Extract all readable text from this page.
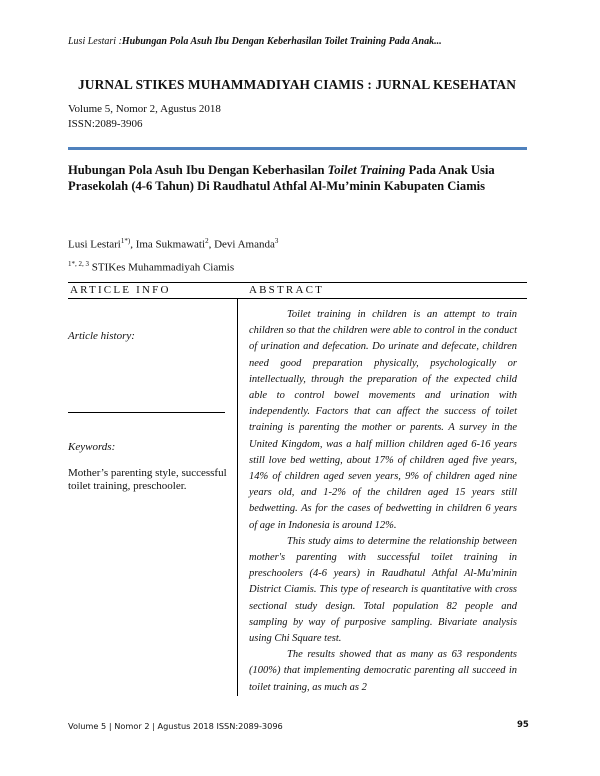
Lusi Lestari :Hubungan Pola Asuh Ibu Dengan Keberhasilan Toilet Training Pada Anak...
JURNAL STIKES MUHAMMADIYAH CIAMIS : JURNAL KESEHATAN
Volume 5, Nomor 2, Agustus 2018
ISSN:2089-3906
Hubungan Pola Asuh Ibu Dengan Keberhasilan Toilet Training Pada Anak Usia Prasekolah (4-6 Tahun) Di Raudhatul Athfal Al-Mu’minin Kabupaten Ciamis
Lusi Lestari$^{1*)}$, Ima Sukmawati$^2$, Devi Amanda$^3$
$^{1*, 2, 3}$ STIKes Muhammadiyah Ciamis
ARTICLE INFO	ABSTRACT
Article history:
Keywords:
Mother’s parenting style, successful toilet training, preschooler.

Toilet training in children is an attempt to train children so that the children were able to control in the conduct of urination and defecation. Do urinate and defecate, children need good preparation physically, psychologically or intellectually, through the preparation of the expected child able to control bowel movements and urination with independently. Factors that can affect the success of toilet training is parenting the mother or parents. A survey in the United Kingdom, was a half million children aged 6-16 years still love bed wetting, about 17% of children aged five years, 14% of children aged seven years, 9% of children aged nine years old, and 1-2% of the children aged 15 years still bedwetting. As for the cases of bedwetting in children 6 years of age in Indonesia is around 12%.

This study aims to determine the relationship between mother's parenting with successful toilet training in preschoolers (4-6 years) in Raudhatul Athfal Al-Mu'minin District Ciamis. This type of research is quantitative with cross sectional study design. Total population 82 people and sampling by way of purposive sampling. Bivariate analysis using Chi Square test.

The results showed that as many as 63 respondents (100%) that implementing democratic parenting all succeed in toilet training, as much as 2

Volume 5 | Nomor 2 | Agustus 2018 ISSN:2089-3096	95
